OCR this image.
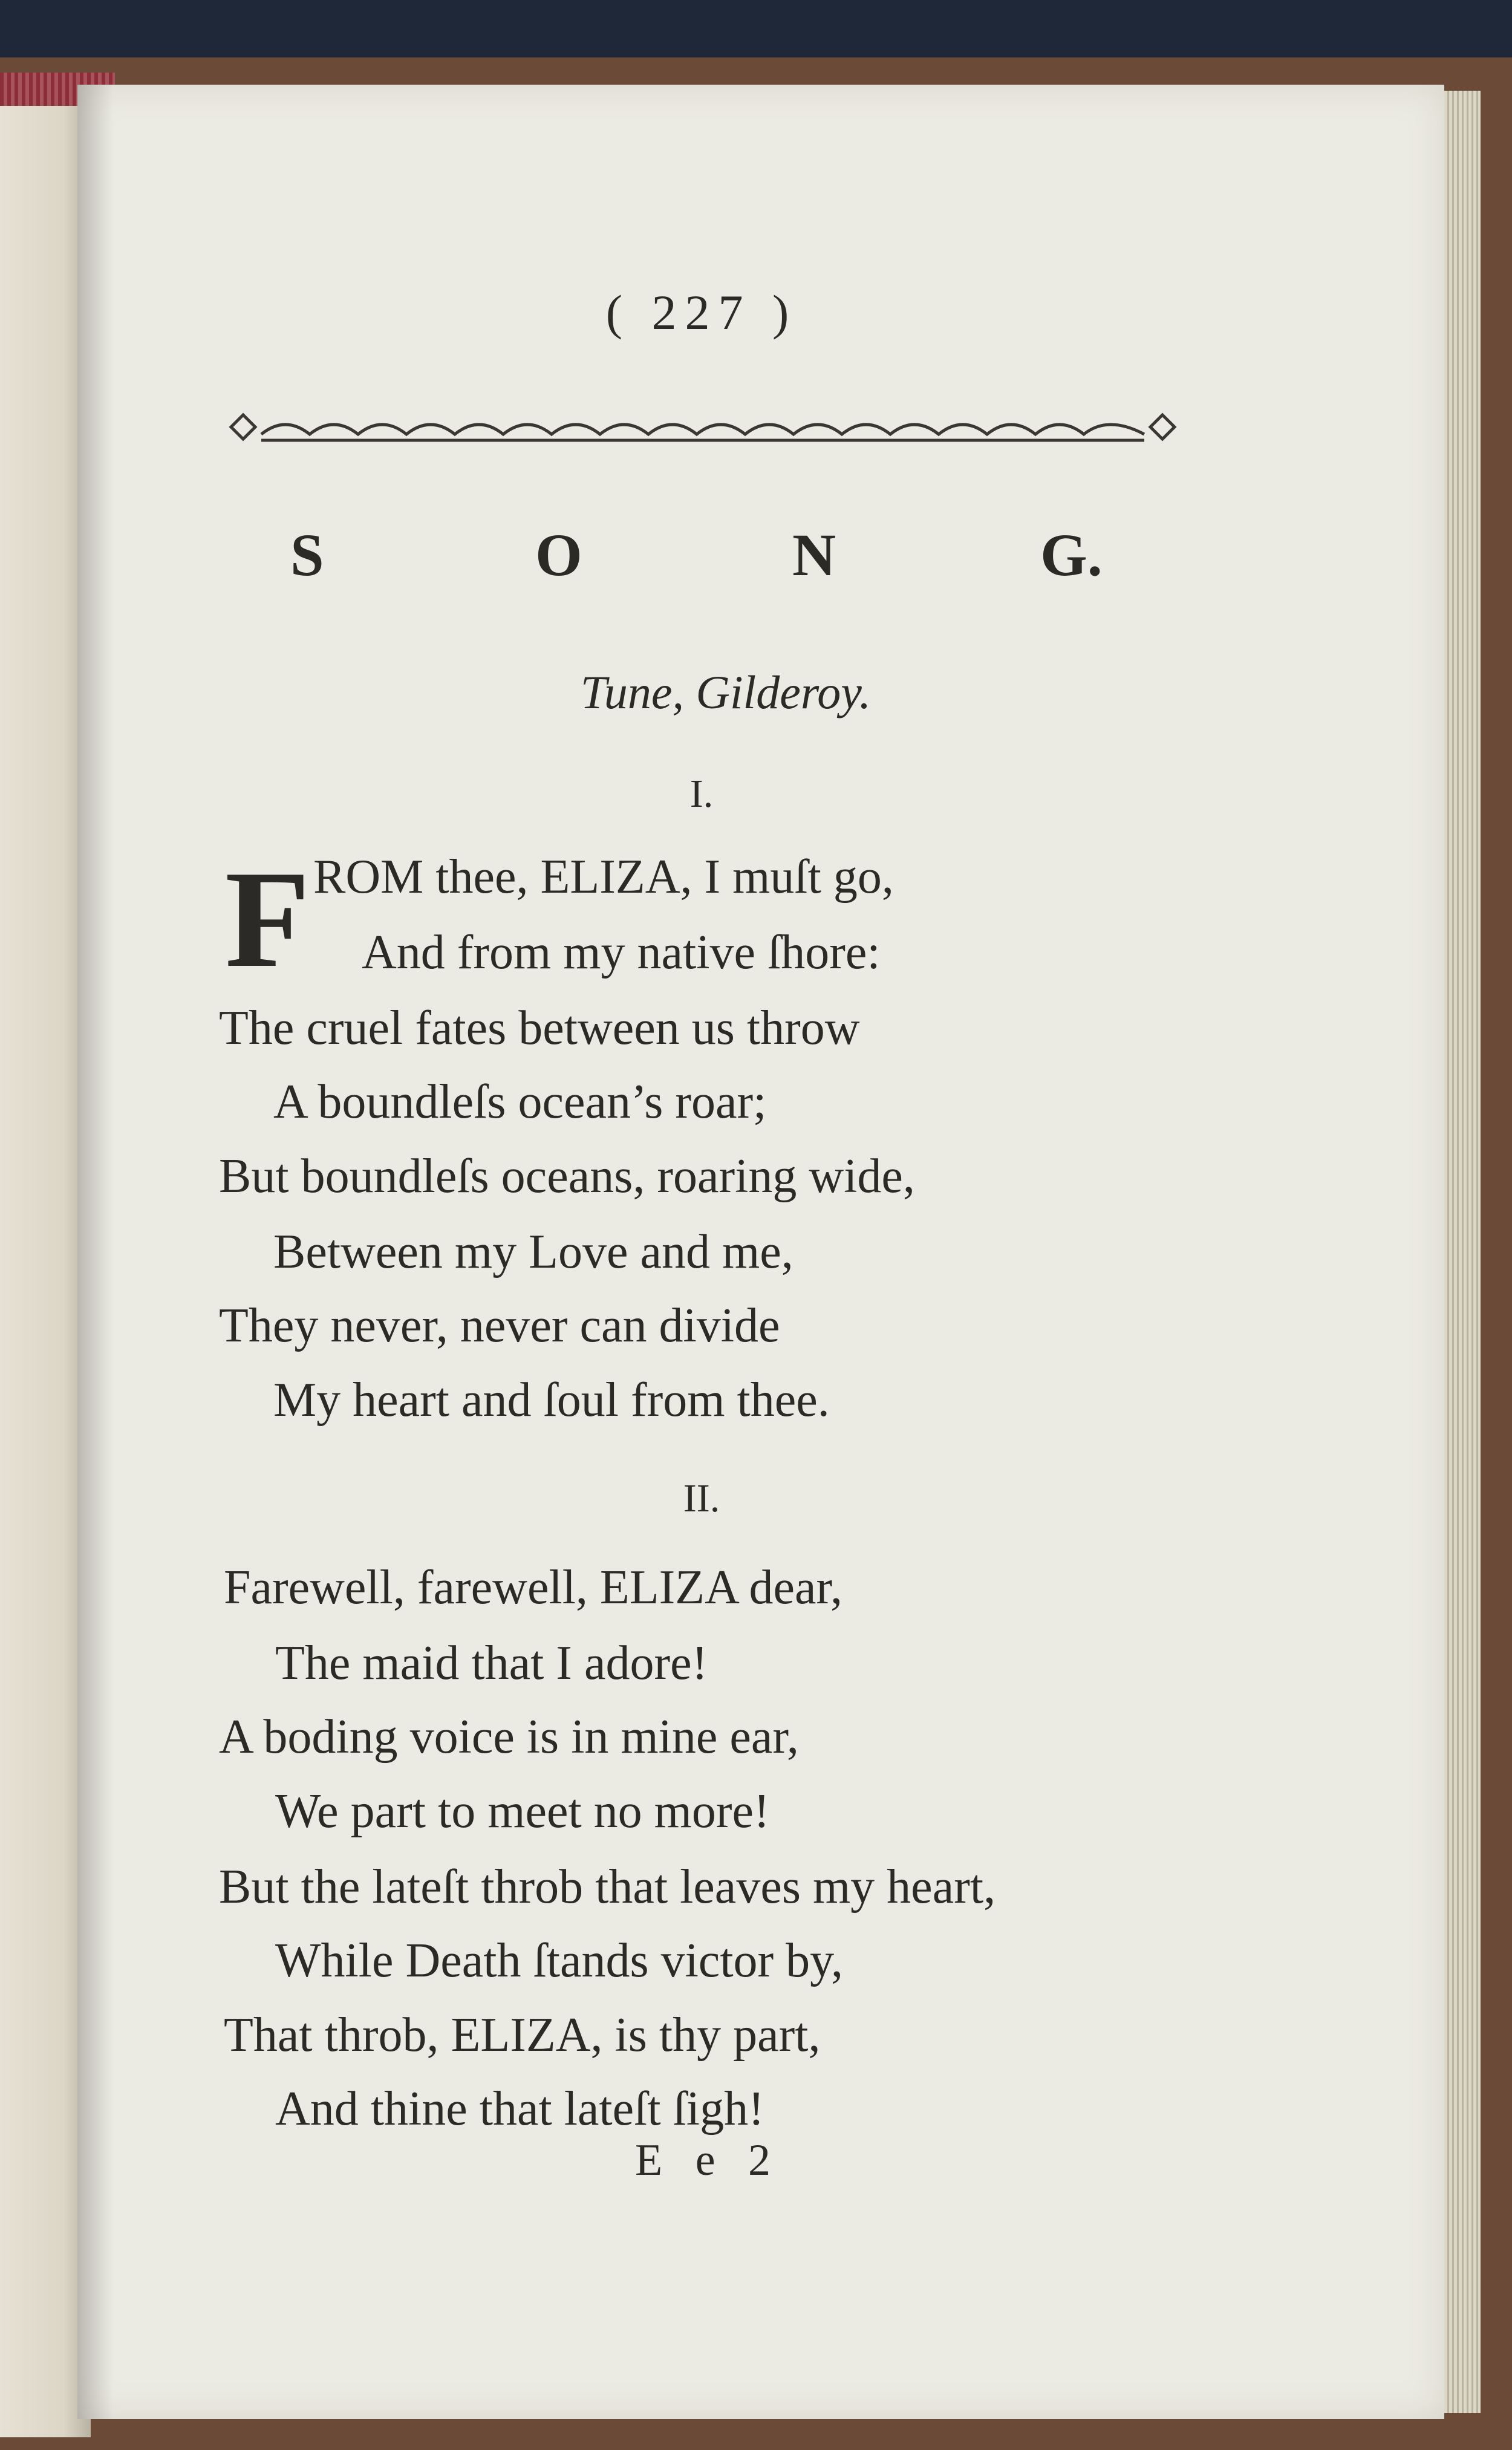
( 227 )
S	O	N	G.
Tune, Gilderoy.
I.
F ROM thee, ELIZA, I muſt go,
And from my native ſhore:
The cruel fates between us throw
A boundleſs ocean’s roar;
But boundleſs oceans, roaring wide,
Between my Love and me,
They never, never can divide
My heart and ſoul from thee.
II.
Farewell, farewell, ELIZA dear,
The maid that I adore!
A boding voice is in mine ear,
We part to meet no more!
But the lateſt throb that leaves my heart,
While Death ſtands victor by,
That throb, ELIZA, is thy part,
And thine that lateſt ſigh!
E e 2
